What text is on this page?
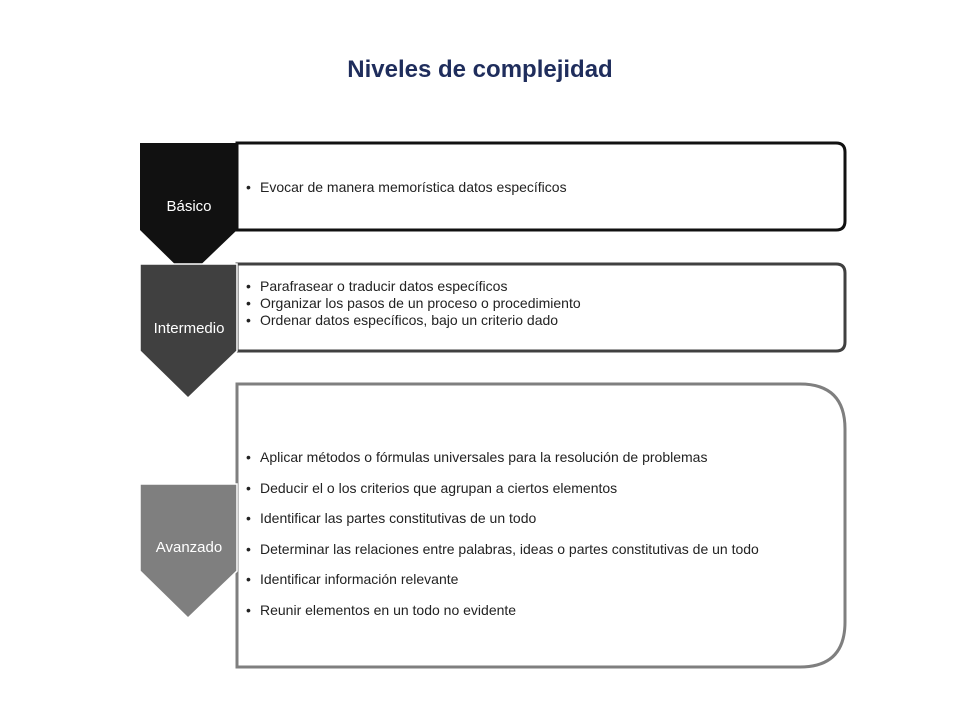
Niveles de complejidad
Básico
Intermedio
Avanzado
• Evocar de manera memorística datos específicos
• Parafrasear o traducir datos específicos
• Organizar los pasos de un proceso o procedimiento
• Ordenar datos específicos, bajo un criterio dado
• Aplicar métodos o fórmulas universales para la resolución de problemas
• Deducir el o los criterios que agrupan a ciertos elementos
• Identificar las partes constitutivas de un todo
• Determinar las relaciones entre palabras, ideas o partes constitutivas de un todo
• Identificar información relevante
• Reunir elementos en un todo no evidente
